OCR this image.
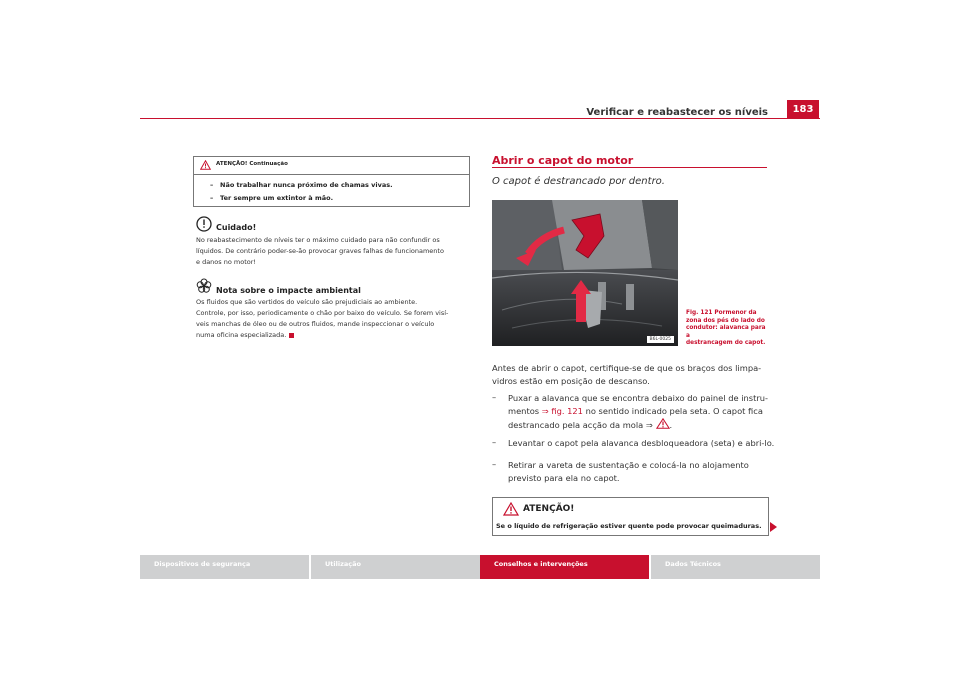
Verificar e reabastecer os níveis	183
ATENÇÃO! Continuação
– Não trabalhar nunca próximo de chamas vivas.
– Ter sempre um extintor à mão.
Cuidado!
No reabastecimento de níveis ter o máximo cuidado para não confundir os
líquidos. De contrário poder-se-ão provocar graves falhas de funcionamento
e danos no motor!
Nota sobre o impacte ambiental
Os fluidos que são vertidos do veículo são prejudiciais ao ambiente.
Controle, por isso, periodicamente o chão por baixo do veículo. Se forem visí-
veis manchas de óleo ou de outros fluidos, mande inspeccionar o veículo
numa oficina especializada.
Abrir o capot do motor
O capot é destrancado por dentro.
B6L-0025
Fig. 121 Pormenor da
zona dos pés do lado do
condutor: alavanca para a
destrancagem do capot.
Antes de abrir o capot, certifique-se de que os braços dos limpa-
vidros estão em posição de descanso.
– Puxar a alavanca que se encontra debaixo do painel de instru-
mentos ⇒ fig. 121 no sentido indicado pela seta. O capot fica
destrancado pela acção da mola ⇒ .
– Levantar o capot pela alavanca desbloqueadora (seta) e abri-lo.
– Retirar a vareta de sustentação e colocá-la no alojamento
previsto para ela no capot.
ATENÇÃO!
Se o líquido de refrigeração estiver quente pode provocar queimaduras.
Dispositivos de segurança	Utilização	Conselhos e intervenções	Dados Técnicos
